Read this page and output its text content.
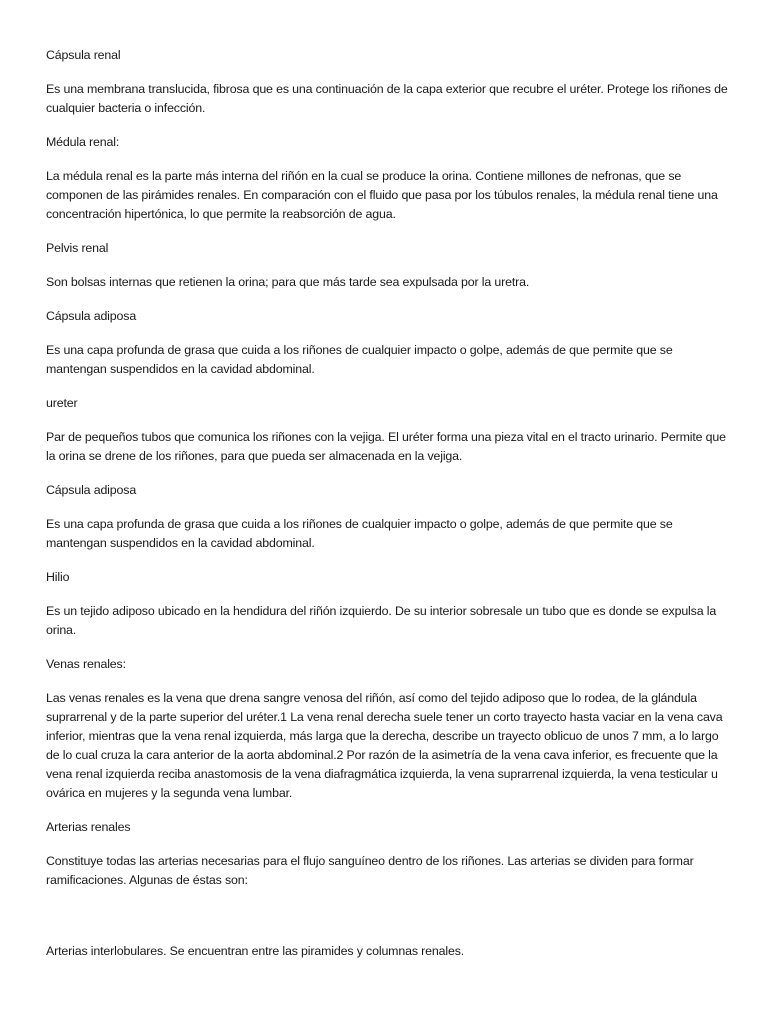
Cápsula renal

Es una membrana translucida, fibrosa que es una continuación de la capa exterior que recubre el uréter. Protege los riñones de cualquier bacteria o infección.

Médula renal:

La médula renal es la parte más interna del riñón en la cual se produce la orina. Contiene millones de nefronas, que se componen de las pirámides renales. En comparación con el fluido que pasa por los túbulos renales, la médula renal tiene una concentración hipertónica, lo que permite la reabsorción de agua.

Pelvis renal

Son bolsas internas que retienen la orina; para que más tarde sea expulsada por la uretra.

Cápsula adiposa

Es una capa profunda de grasa que cuida a los riñones de cualquier impacto o golpe, además de que permite que se mantengan suspendidos en la cavidad abdominal.

ureter

Par de pequeños tubos que comunica los riñones con la vejiga. El uréter forma una pieza vital en el tracto urinario. Permite que la orina se drene de los riñones, para que pueda ser almacenada en la vejiga.

Cápsula adiposa

Es una capa profunda de grasa que cuida a los riñones de cualquier impacto o golpe, además de que permite que se mantengan suspendidos en la cavidad abdominal.

Hilio

Es un tejido adiposo ubicado en la hendidura del riñón izquierdo. De su interior sobresale un tubo que es donde se expulsa la orina.

Venas renales:

Las venas renales es la vena que drena sangre venosa del riñón, así como del tejido adiposo que lo rodea, de la glándula suprarrenal y de la parte superior del uréter.1 La vena renal derecha suele tener un corto trayecto hasta vaciar en la vena cava inferior, mientras que la vena renal izquierda, más larga que la derecha, describe un trayecto oblicuo de unos 7 mm, a lo largo de lo cual cruza la cara anterior de la aorta abdominal.2 Por razón de la asimetría de la vena cava inferior, es frecuente que la vena renal izquierda reciba anastomosis de la vena diafragmática izquierda, la vena suprarrenal izquierda, la vena testicular u ovárica en mujeres y la segunda vena lumbar.

Arterias renales

Constituye todas las arterias necesarias para el flujo sanguíneo dentro de los riñones. Las arterias se dividen para formar ramificaciones. Algunas de éstas son:

Arterias interlobulares. Se encuentran entre las piramides y columnas renales.
